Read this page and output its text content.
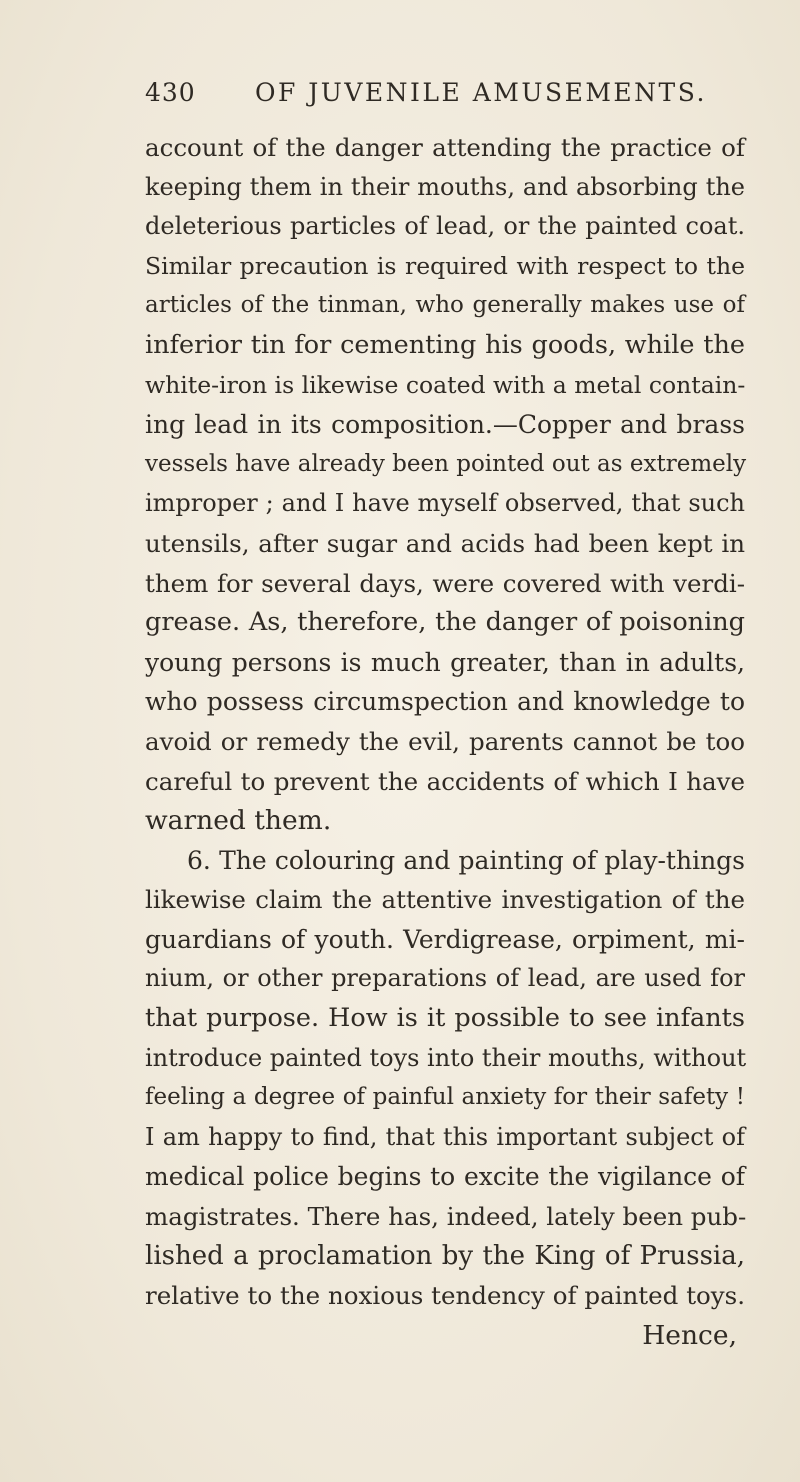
430 OF JUVENILE AMUSEMENTS.
account of the danger attending the practice of
keeping them in their mouths, and absorbing the
deleterious particles of lead, or the painted coat.
Similar precaution is required with respect to the
articles of the tinman, who generally makes use of
inferior tin for cementing his goods, while the
white-iron is likewise coated with a metal contain-
ing lead in its composition.—Copper and brass
vessels have already been pointed out as extremely
improper ; and I have myself observed, that such
utensils, after sugar and acids had been kept in
them for several days, were covered with verdi-
grease. As, therefore, the danger of poisoning
young persons is much greater, than in adults,
who possess circumspection and knowledge to
avoid or remedy the evil, parents cannot be too
careful to prevent the accidents of which I have
warned them.
6. The colouring and painting of play-things
likewise claim the attentive investigation of the
guardians of youth. Verdigrease, orpiment, mi-
nium, or other preparations of lead, are used for
that purpose. How is it possible to see infants
introduce painted toys into their mouths, without
feeling a degree of painful anxiety for their safety !
I am happy to find, that this important subject of
medical police begins to excite the vigilance of
magistrates. There has, indeed, lately been pub-
lished a proclamation by the King of Prussia,
relative to the noxious tendency of painted toys.
Hence,
